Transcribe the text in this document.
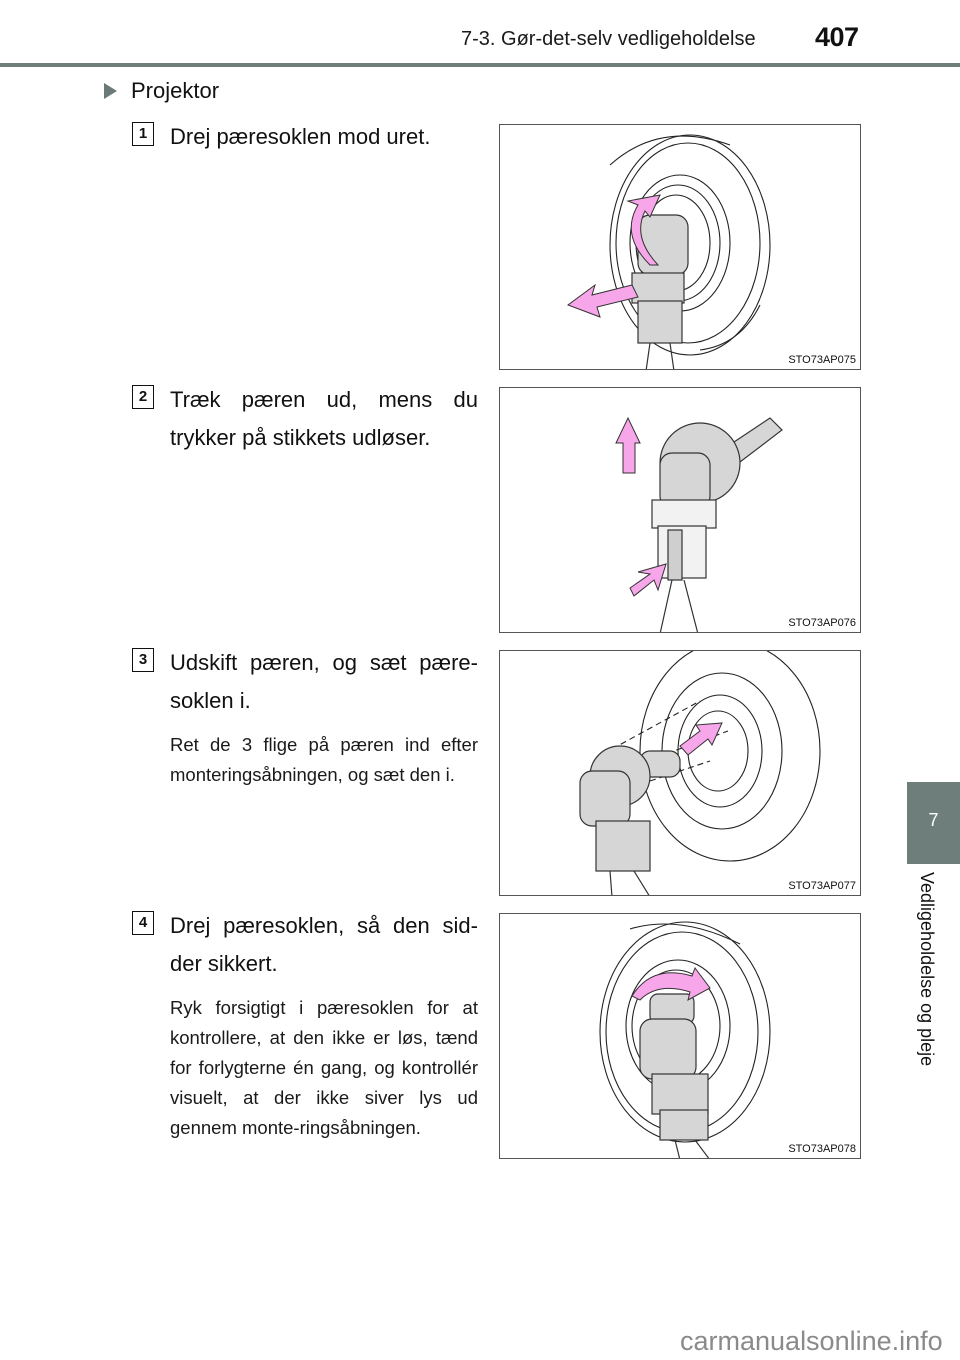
7-3. Gør-det-selv vedligeholdelse 407
Projektor
1	Drej pæresoklen mod uret.
2	Træk pæren ud, mens du trykker på stikkets udløser.
3	Udskift pæren, og sæt pære-soklen i.
Ret de 3 flige på pæren ind efter monteringsåbningen, og sæt den i.
4	Drej pæresoklen, så den sid-der sikkert.
Ryk forsigtigt i pæresoklen for at kontrollere, at den ikke er løs, tænd for forlygterne én gang, og kontrollér visuelt, at der ikke siver lys ud gennem monte-ringsåbningen.
STO73AP075
STO73AP076
STO73AP077
STO73AP078
7
Vedligeholdelse og pleje
carmanualsonline.info
